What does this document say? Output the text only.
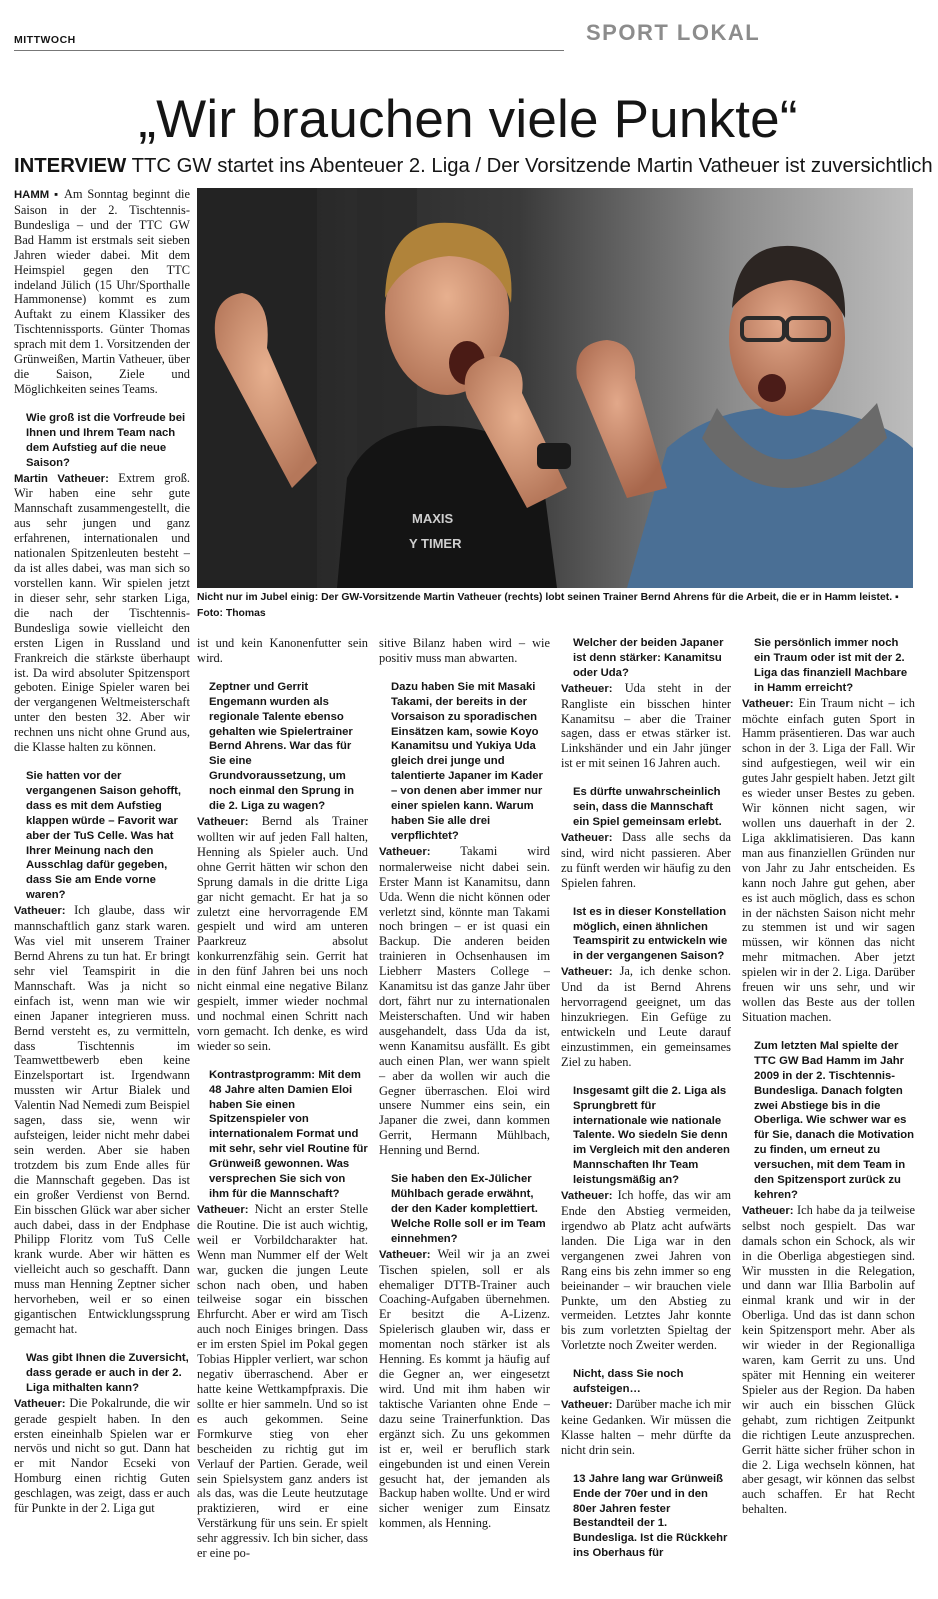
MITTWOCH	SPORT LOKAL
„Wir brauchen viele Punkte“
INTERVIEW TTC GW startet ins Abenteuer 2. Liga / Der Vorsitzende Martin Vatheuer ist zuversichtlich

HAMM ▪ Am Sonntag beginnt die Saison in der 2. Tischtennis-Bundesliga – und der TTC GW Bad Hamm ist erstmals seit sieben Jahren wieder dabei. Mit dem Heimspiel gegen den TTC indeland Jülich (15 Uhr/Sporthalle Hammonense) kommt es zum Auftakt zu einem Klassiker des Tischtennissports. Günter Thomas sprach mit dem 1. Vorsitzenden der Grünweißen, Martin Vatheuer, über die Saison, Ziele und Möglichkeiten seines Teams.

Wie groß ist die Vorfreude bei Ihnen und Ihrem Team nach dem Aufstieg auf die neue Saison?

Martin Vatheuer: Extrem groß. Wir haben eine sehr gute Mannschaft zusammengestellt, die aus sehr jungen und ganz erfahrenen, internationalen und nationalen Spitzenleuten besteht – da ist alles dabei, was man sich so vorstellen kann. Wir spielen jetzt in dieser sehr, sehr starken Liga, die nach der Tischtennis-Bundesliga sowie vielleicht den ersten Ligen in Russland und Frankreich die stärkste überhaupt ist. Da wird absoluter Spitzensport geboten. Einige Spieler waren bei der vergangenen Weltmeisterschaft unter den besten 32. Aber wir rechnen uns nicht ohne Grund aus, die Klasse halten zu können.

Sie hatten vor der vergangenen Saison gehofft, dass es mit dem Aufstieg klappen würde – Favorit war aber der TuS Celle. Was hat Ihrer Meinung nach den Ausschlag dafür gegeben, dass Sie am Ende vorne waren?

Vatheuer: Ich glaube, dass wir mannschaftlich ganz stark waren. Was viel mit unserem Trainer Bernd Ahrens zu tun hat. Er bringt sehr viel Teamspirit in die Mannschaft. Was ja nicht so einfach ist, wenn man wie wir einen Japaner integrieren muss. Bernd versteht es, zu vermitteln, dass Tischtennis im Teamwettbewerb eben keine Einzelsportart ist. Irgendwann mussten wir Artur Bialek und Valentin Nad Nemedi zum Beispiel sagen, dass sie, wenn wir aufsteigen, leider nicht mehr dabei sein werden. Aber sie haben trotzdem bis zum Ende alles für die Mannschaft gegeben. Das ist ein großer Verdienst von Bernd. Ein bisschen Glück war aber sicher auch dabei, dass in der Endphase Philipp Floritz vom TuS Celle krank wurde. Aber wir hätten es vielleicht auch so geschafft. Dann muss man Henning Zeptner sicher hervorheben, weil er so einen gigantischen Entwicklungssprung gemacht hat.

Was gibt Ihnen die Zuversicht, dass gerade er auch in der 2. Liga mithalten kann?

Vatheuer: Die Pokalrunde, die wir gerade gespielt haben. In den ersten eineinhalb Spielen war er nervös und nicht so gut. Dann hat er mit Nandor Ecseki von Homburg einen richtig Guten geschlagen, was zeigt, dass er auch für Punkte in der 2. Liga gut

MAXIS
Y TIMER
Nicht nur im Jubel einig: Der GW-Vorsitzende Martin Vatheuer (rechts) lobt seinen Trainer Bernd Ahrens für die Arbeit, die er in Hamm leistet. ▪ Foto: Thomas

ist und kein Kanonenfutter sein wird.

Zeptner und Gerrit Engemann wurden als regionale Talente ebenso gehalten wie Spielertrainer Bernd Ahrens. War das für Sie eine Grundvoraussetzung, um noch einmal den Sprung in die 2. Liga zu wagen?

Vatheuer: Bernd als Trainer wollten wir auf jeden Fall halten, Henning als Spieler auch. Und ohne Gerrit hätten wir schon den Sprung damals in die dritte Liga gar nicht gemacht. Er hat ja so zuletzt eine hervorragende EM gespielt und wird am unteren Paarkreuz absolut konkurrenzfähig sein. Gerrit hat in den fünf Jahren bei uns noch nicht einmal eine negative Bilanz gespielt, immer wieder nochmal und nochmal einen Schritt nach vorn gemacht. Ich denke, es wird wieder so sein.

Kontrastprogramm: Mit dem 48 Jahre alten Damien Eloi haben Sie einen Spitzenspieler von internationalem Format und mit sehr, sehr viel Routine für Grünweiß gewonnen. Was versprechen Sie sich von ihm für die Mannschaft?

Vatheuer: Nicht an erster Stelle die Routine. Die ist auch wichtig, weil er Vorbildcharakter hat. Wenn man Nummer elf der Welt war, gucken die jungen Leute schon nach oben, und haben teilweise sogar ein bisschen Ehrfurcht. Aber er wird am Tisch auch noch Einiges bringen. Dass er im ersten Spiel im Pokal gegen Tobias Hippler verliert, war schon negativ überraschend. Aber er hatte keine Wettkampfpraxis. Die sollte er hier sammeln. Und so ist es auch gekommen. Seine Formkurve stieg von eher bescheiden zu richtig gut im Verlauf der Partien. Gerade, weil sein Spielsystem ganz anders ist als das, was die Leute heutzutage praktizieren, wird er eine Verstärkung für uns sein. Er spielt sehr aggressiv. Ich bin sicher, dass er eine po-

sitive Bilanz haben wird – wie positiv muss man abwarten.

Dazu haben Sie mit Masaki Takami, der bereits in der Vorsaison zu sporadischen Einsätzen kam, sowie Koyo Kanamitsu und Yukiya Uda gleich drei junge und talentierte Japaner im Kader – von denen aber immer nur einer spielen kann. Warum haben Sie alle drei verpflichtet?

Vatheuer: Takami wird normalerweise nicht dabei sein. Erster Mann ist Kanamitsu, dann Uda. Wenn die nicht können oder verletzt sind, könnte man Takami noch bringen – er ist quasi ein Backup. Die anderen beiden trainieren in Ochsenhausen im Liebherr Masters College – Kanamitsu ist das ganze Jahr über dort, fährt nur zu internationalen Meisterschaften. Und wir haben ausgehandelt, dass Uda da ist, wenn Kanamitsu ausfällt. Es gibt auch einen Plan, wer wann spielt – aber da wollen wir auch die Gegner überraschen. Eloi wird unsere Nummer eins sein, ein Japaner die zwei, dann kommen Gerrit, Hermann Mühlbach, Henning und Bernd.

Sie haben den Ex-Jülicher Mühlbach gerade erwähnt, der den Kader komplettiert. Welche Rolle soll er im Team einnehmen?

Vatheuer: Weil wir ja an zwei Tischen spielen, soll er als ehemaliger DTTB-Trainer auch Coaching-Aufgaben übernehmen. Er besitzt die A-Lizenz. Spielerisch glauben wir, dass er momentan noch stärker ist als Henning. Es kommt ja häufig auf die Gegner an, wer eingesetzt wird. Und mit ihm haben wir taktische Varianten ohne Ende – dazu seine Trainerfunktion. Das ergänzt sich. Zu uns gekommen ist er, weil er beruflich stark eingebunden ist und einen Verein gesucht hat, der jemanden als Backup haben wollte. Und er wird sicher weniger zum Einsatz kommen, als Henning.

Welcher der beiden Japaner ist denn stärker: Kanamitsu oder Uda?

Vatheuer: Uda steht in der Rangliste ein bisschen hinter Kanamitsu – aber die Trainer sagen, dass er etwas stärker ist. Linkshänder und ein Jahr jünger ist er mit seinen 16 Jahren auch.

Es dürfte unwahrscheinlich sein, dass die Mannschaft ein Spiel gemeinsam erlebt.

Vatheuer: Dass alle sechs da sind, wird nicht passieren. Aber zu fünft werden wir häufig zu den Spielen fahren.

Ist es in dieser Konstellation möglich, einen ähnlichen Teamspirit zu entwickeln wie in der vergangenen Saison?

Vatheuer: Ja, ich denke schon. Und da ist Bernd Ahrens hervorragend geeignet, um das hinzukriegen. Ein Gefüge zu entwickeln und Leute darauf einzustimmen, ein gemeinsames Ziel zu haben.

Insgesamt gilt die 2. Liga als Sprungbrett für internationale wie nationale Talente. Wo siedeln Sie denn im Vergleich mit den anderen Mannschaften Ihr Team leistungsmäßig an?

Vatheuer: Ich hoffe, das wir am Ende den Abstieg vermeiden, irgendwo ab Platz acht aufwärts landen. Die Liga war in den vergangenen zwei Jahren von Rang eins bis zehn immer so eng beieinander – wir brauchen viele Punkte, um den Abstieg zu vermeiden. Letztes Jahr konnte bis zum vorletzten Spieltag der Vorletzte noch Zweiter werden.

Nicht, dass Sie noch aufsteigen…

Vatheuer: Darüber mache ich mir keine Gedanken. Wir müssen die Klasse halten – mehr dürfte da nicht drin sein.

13 Jahre lang war Grünweiß Ende der 70er und in den 80er Jahren fester Bestandteil der 1. Bundesliga. Ist die Rückkehr ins Oberhaus für

Sie persönlich immer noch ein Traum oder ist mit der 2. Liga das finanziell Machbare in Hamm erreicht?

Vatheuer: Ein Traum nicht – ich möchte einfach guten Sport in Hamm präsentieren. Das war auch schon in der 3. Liga der Fall. Wir sind aufgestiegen, weil wir ein gutes Jahr gespielt haben. Jetzt gilt es wieder unser Bestes zu geben. Wir können nicht sagen, wir wollen uns dauerhaft in der 2. Liga akklimatisieren. Das kann man aus finanziellen Gründen nur von Jahr zu Jahr entscheiden. Es kann noch Jahre gut gehen, aber es ist auch möglich, dass es schon in der nächsten Saison nicht mehr zu stemmen ist und wir sagen müssen, wir können das nicht mehr mitmachen. Aber jetzt spielen wir in der 2. Liga. Darüber freuen wir uns sehr, und wir wollen das Beste aus der tollen Situation machen.

Zum letzten Mal spielte der TTC GW Bad Hamm im Jahr 2009 in der 2. Tischtennis-Bundesliga. Danach folgten zwei Abstiege bis in die Oberliga. Wie schwer war es für Sie, danach die Motivation zu finden, um erneut zu versuchen, mit dem Team in den Spitzensport zurück zu kehren?

Vatheuer: Ich habe da ja teilweise selbst noch gespielt. Das war damals schon ein Schock, als wir in die Oberliga abgestiegen sind. Wir mussten in die Relegation, und dann war Illia Barbolin auf einmal krank und wir in der Oberliga. Und das ist dann schon kein Spitzensport mehr. Aber als wir wieder in der Regionalliga waren, kam Gerrit zu uns. Und später mit Henning ein weiterer Spieler aus der Region. Da haben wir auch ein bisschen Glück gehabt, zum richtigen Zeitpunkt die richtigen Leute anzusprechen. Gerrit hätte sicher früher schon in die 2. Liga wechseln können, hat aber gesagt, wir können das selbst auch schaffen. Er hat Recht behalten.
